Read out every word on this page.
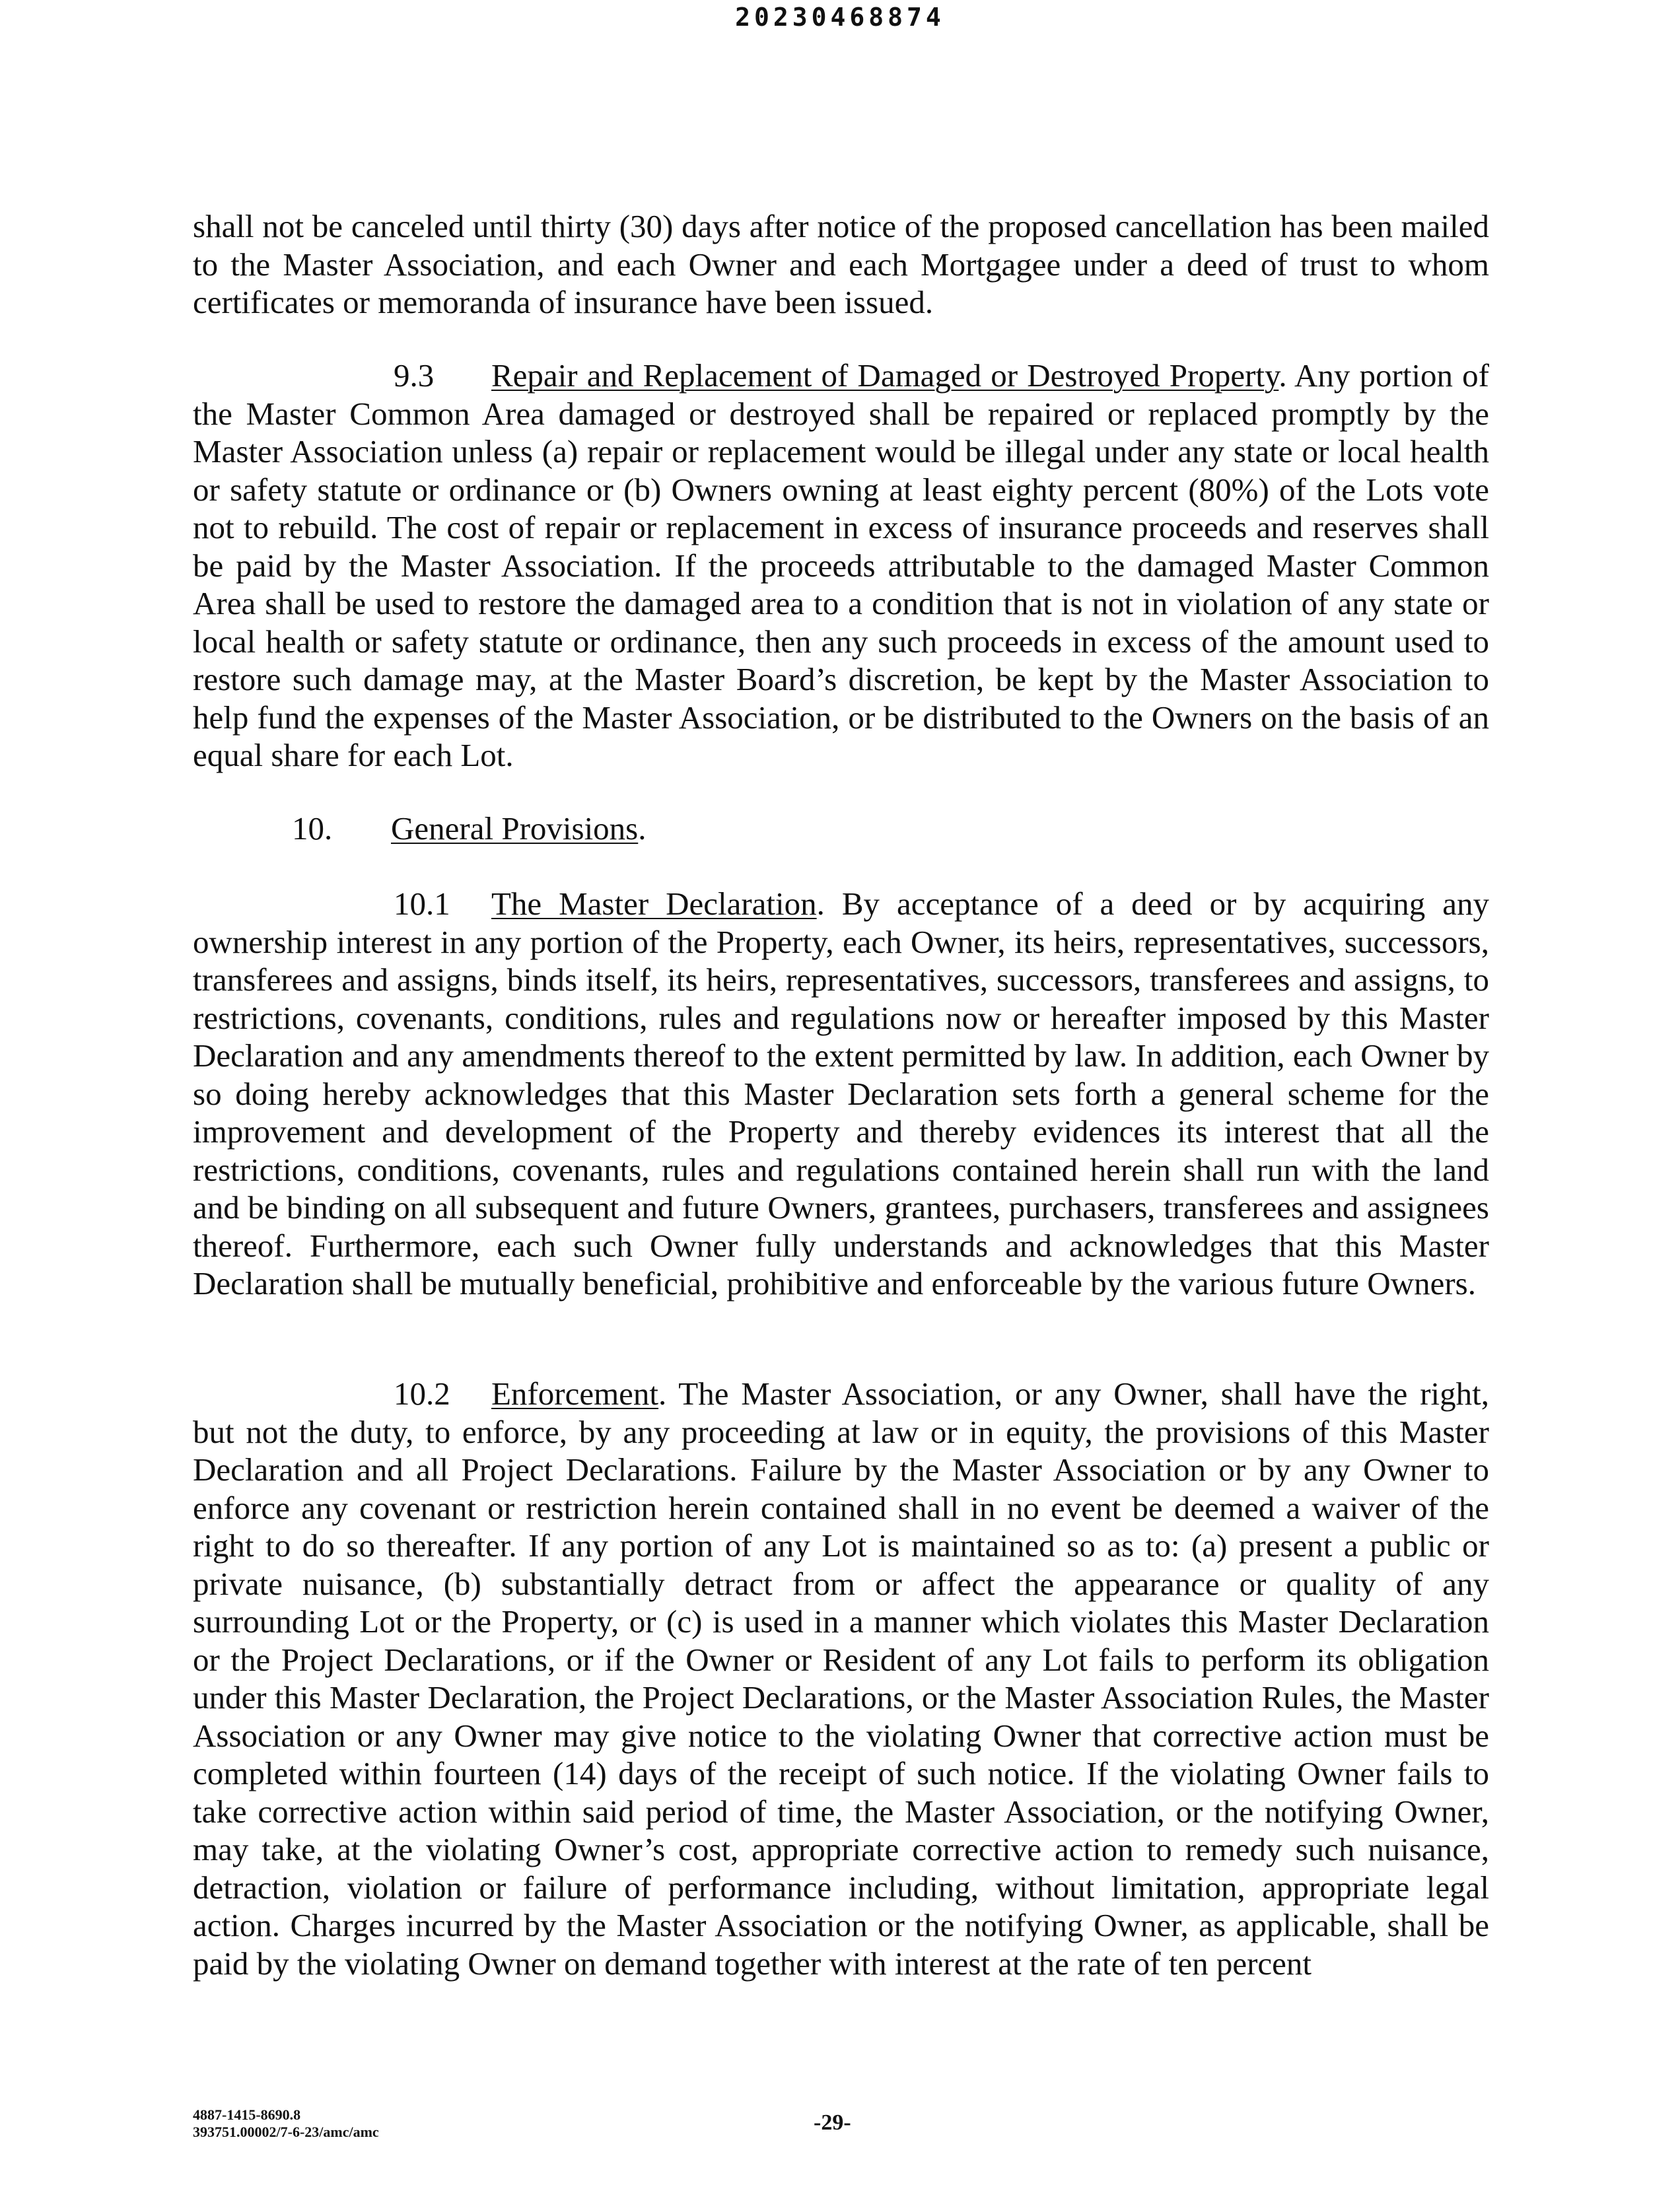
20230468874
shall not be canceled until thirty (30) days after notice of the proposed cancellation has been mailed to the Master Association, and each Owner and each Mortgagee under a deed of trust to whom certificates or memoranda of insurance have been issued.
9.3 Repair and Replacement of Damaged or Destroyed Property. Any portion of the Master Common Area damaged or destroyed shall be repaired or replaced promptly by the Master Association unless (a) repair or replacement would be illegal under any state or local health or safety statute or ordinance or (b) Owners owning at least eighty percent (80%) of the Lots vote not to rebuild. The cost of repair or replacement in excess of insurance proceeds and reserves shall be paid by the Master Association. If the proceeds attributable to the damaged Master Common Area shall be used to restore the damaged area to a condition that is not in violation of any state or local health or safety statute or ordinance, then any such proceeds in excess of the amount used to restore such damage may, at the Master Board’s discretion, be kept by the Master Association to help fund the expenses of the Master Association, or be distributed to the Owners on the basis of an equal share for each Lot.
10. General Provisions.
10.1 The Master Declaration. By acceptance of a deed or by acquiring any ownership interest in any portion of the Property, each Owner, its heirs, representatives, successors, transferees and assigns, binds itself, its heirs, representatives, successors, transferees and assigns, to restrictions, covenants, conditions, rules and regulations now or hereafter imposed by this Master Declaration and any amendments thereof to the extent permitted by law. In addition, each Owner by so doing hereby acknowledges that this Master Declaration sets forth a general scheme for the improvement and development of the Property and thereby evidences its interest that all the restrictions, conditions, covenants, rules and regulations contained herein shall run with the land and be binding on all subsequent and future Owners, grantees, purchasers, transferees and assignees thereof. Furthermore, each such Owner fully understands and acknowledges that this Master Declaration shall be mutually beneficial, prohibitive and enforceable by the various future Owners.
10.2 Enforcement. The Master Association, or any Owner, shall have the right, but not the duty, to enforce, by any proceeding at law or in equity, the provisions of this Master Declaration and all Project Declarations. Failure by the Master Association or by any Owner to enforce any covenant or restriction herein contained shall in no event be deemed a waiver of the right to do so thereafter. If any portion of any Lot is maintained so as to: (a) present a public or private nuisance, (b) substantially detract from or affect the appearance or quality of any surrounding Lot or the Property, or (c) is used in a manner which violates this Master Declaration or the Project Declarations, or if the Owner or Resident of any Lot fails to perform its obligation under this Master Declaration, the Project Declarations, or the Master Association Rules, the Master Association or any Owner may give notice to the violating Owner that corrective action must be completed within fourteen (14) days of the receipt of such notice. If the violating Owner fails to take corrective action within said period of time, the Master Association, or the notifying Owner, may take, at the violating Owner’s cost, appropriate corrective action to remedy such nuisance, detraction, violation or failure of performance including, without limitation, appropriate legal action. Charges incurred by the Master Association or the notifying Owner, as applicable, shall be paid by the violating Owner on demand together with interest at the rate of ten percent
4887-1415-8690.8
393751.00002/7-6-23/amc/amc	-29-
